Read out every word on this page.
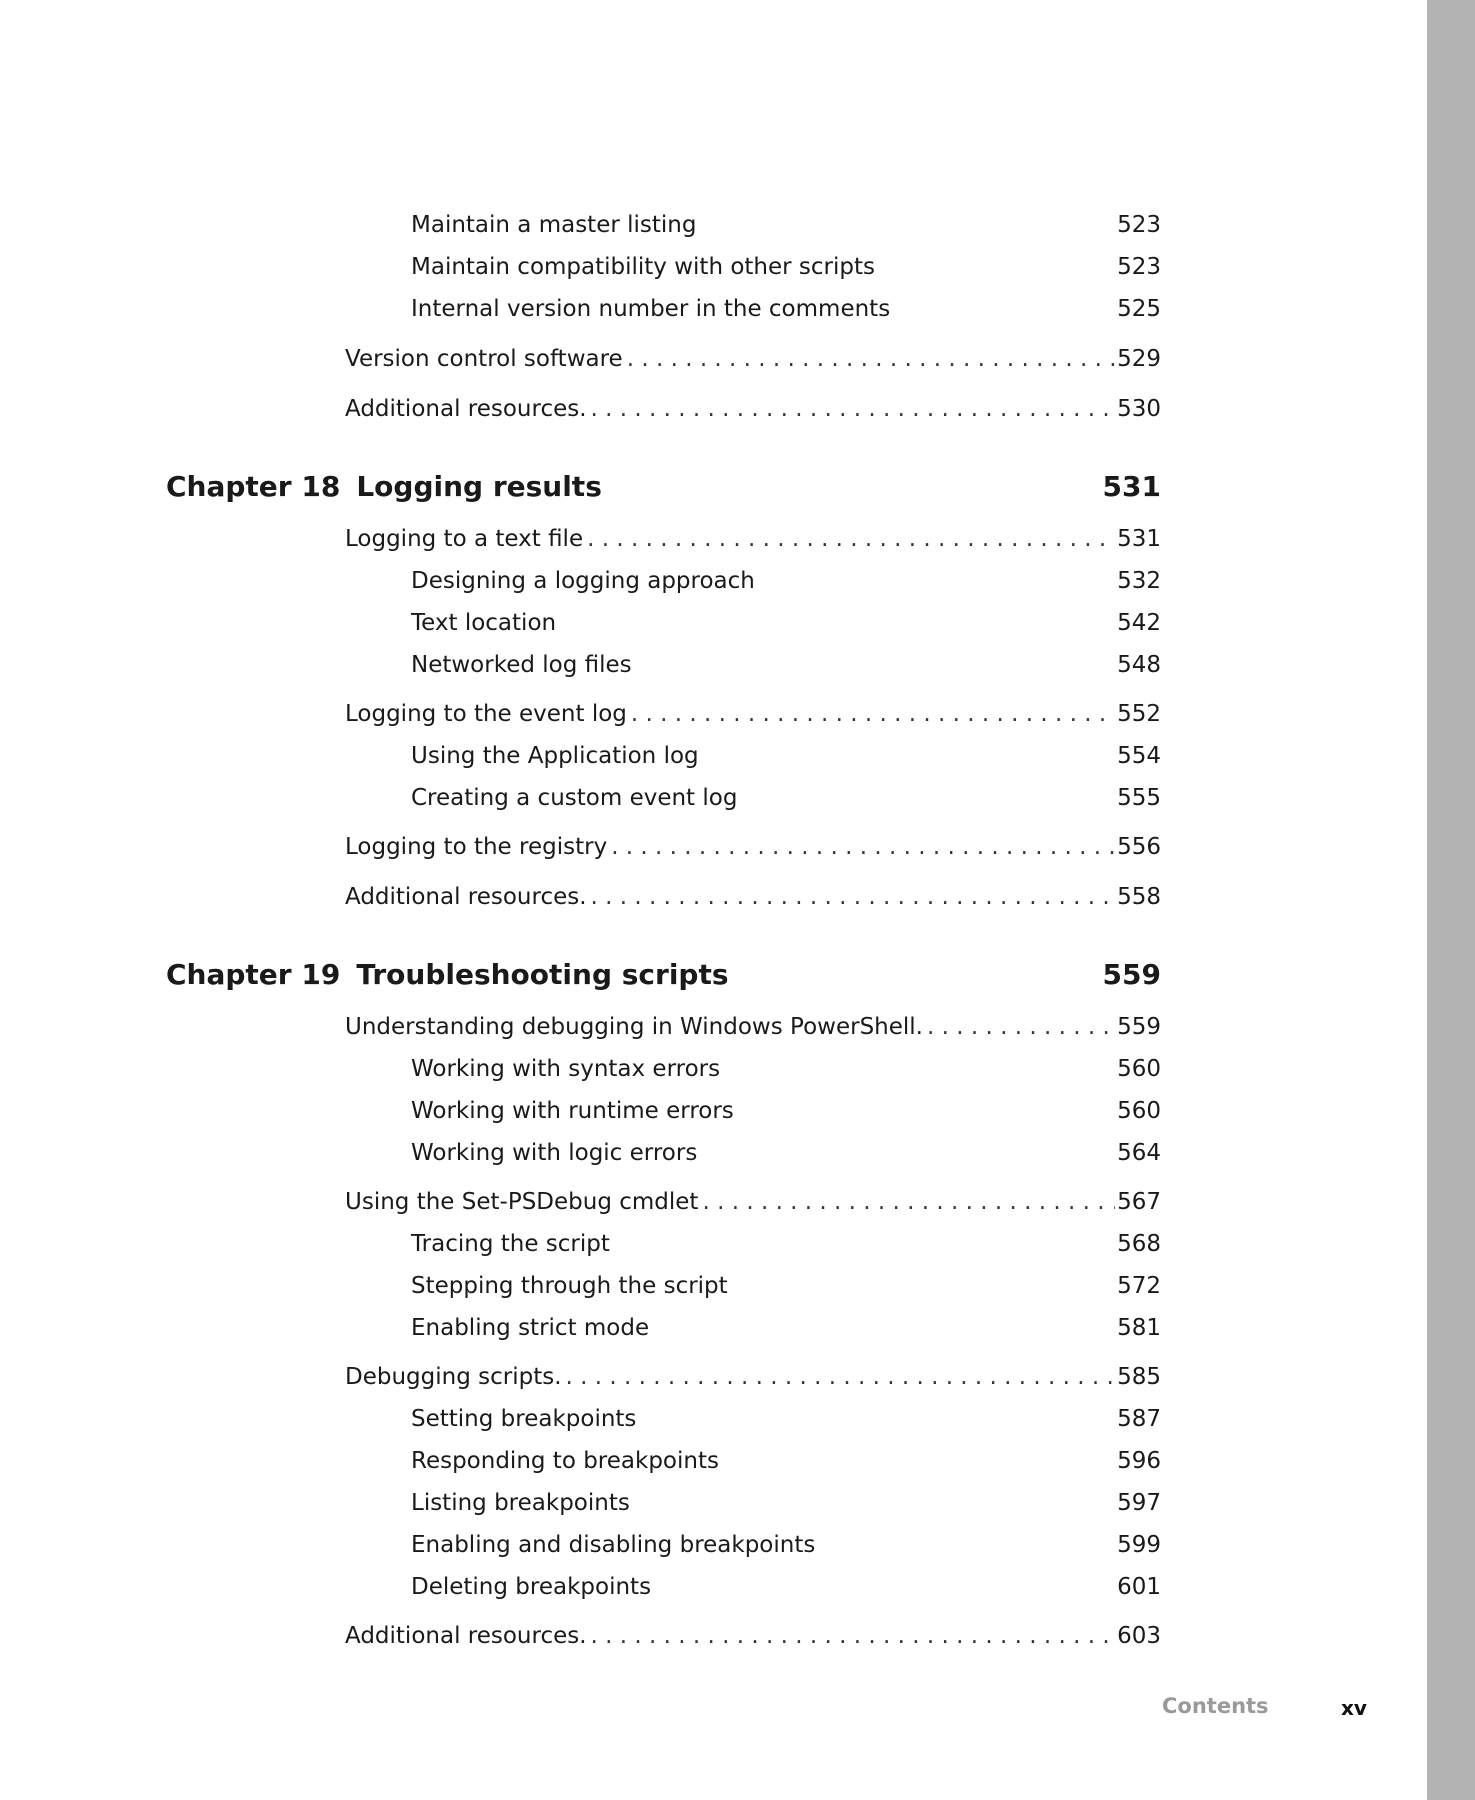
Maintain a master listing	523
Maintain compatibility with other scripts	523
Internal version number in the comments	525
Version control software . . .	529
Additional resources. . . .	530
Chapter 18 Logging results	531
Logging to a text file . . .	531
Designing a logging approach	532
Text location	542
Networked log files	548
Logging to the event log . . .	552
Using the Application log	554
Creating a custom event log	555
Logging to the registry . . .	556
Additional resources. . . .	558
Chapter 19 Troubleshooting scripts	559
Understanding debugging in Windows PowerShell. . . .	559
Working with syntax errors	560
Working with runtime errors	560
Working with logic errors	564
Using the Set-PSDebug cmdlet . . .	567
Tracing the script	568
Stepping through the script	572
Enabling strict mode	581
Debugging scripts. . . .	585
Setting breakpoints	587
Responding to breakpoints	596
Listing breakpoints	597
Enabling and disabling breakpoints	599
Deleting breakpoints	601
Additional resources. . . .	603
Contents	xv
